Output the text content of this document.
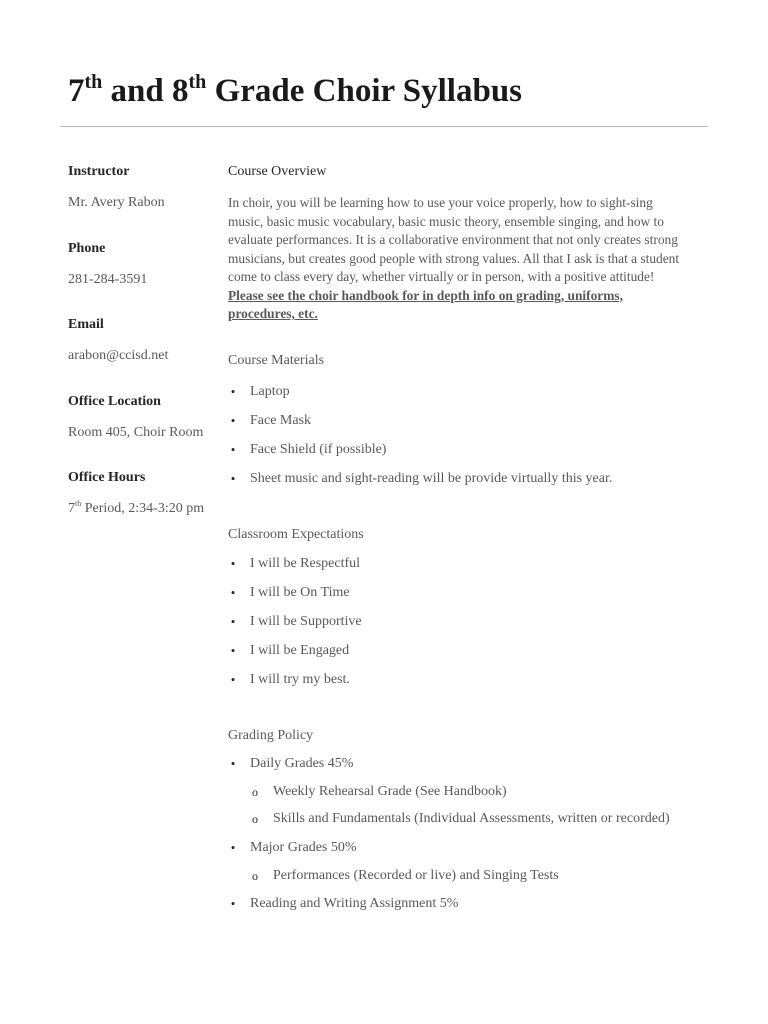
7th and 8th Grade Choir Syllabus

Instructor

Mr. Avery Rabon

Phone

281-284-3591

Email

arabon@ccisd.net

Office Location

Room 405, Choir Room

Office Hours

7th Period, 2:34-3:20 pm

Course Overview

In choir, you will be learning how to use your voice properly, how to sight-sing
music, basic music vocabulary, basic music theory, ensemble singing, and how to
evaluate performances. It is a collaborative environment that not only creates strong
musicians, but creates good people with strong values. All that I ask is that a student
come to class every day, whether virtually or in person, with a positive attitude!
Please see the choir handbook for in depth info on grading, uniforms,
procedures, etc.

Course Materials

• Laptop
• Face Mask
• Face Shield (if possible)
• Sheet music and sight-reading will be provide virtually this year.

Classroom Expectations

• I will be Respectful
• I will be On Time
• I will be Supportive
• I will be Engaged
• I will try my best.

Grading Policy

• Daily Grades 45%
o Weekly Rehearsal Grade (See Handbook)
o Skills and Fundamentals (Individual Assessments, written or recorded)
• Major Grades 50%
o Performances (Recorded or live) and Singing Tests
• Reading and Writing Assignment 5%
